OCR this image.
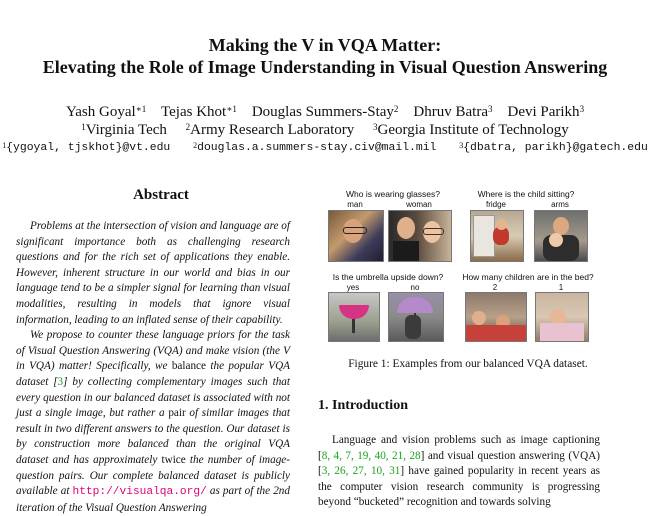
Making the V in VQA Matter:
Elevating the Role of Image Understanding in Visual Question Answering
Yash Goyal$^{∗1}$ Tejas Khot$^{∗1}$ Douglas Summers-Stay$^2$ Dhruv Batra$^3$ Devi Parikh$^3$
$^1$Virginia Tech $^2$Army Research Laboratory $^3$Georgia Institute of Technology
$^1${ygoyal, tjskhot}@vt.edu	$^2$douglas.a.summers-stay.civ@mail.mil	$^3${dbatra, parikh}@gatech.edu
Abstract

Problems at the intersection of vision and language are of significant importance both as challenging research questions and for the rich set of applications they enable. However, inherent structure in our world and bias in our language tend to be a simpler signal for learning than visual modalities, resulting in models that ignore visual information, leading to an inflated sense of their capability.

We propose to counter these language priors for the task of Visual Question Answering (VQA) and make vision (the V in VQA) matter! Specifically, we balance the popular VQA dataset [3] by collecting complementary images such that every question in our balanced dataset is associated with not just a single image, but rather a pair of similar images that result in two different answers to the question. Our dataset is by construction more balanced than the original VQA dataset and has approximately twice the number of image-question pairs. Our complete balanced dataset is publicly available at http://visualqa.org/ as part of the 2nd iteration of the Visual Question Answering

Who is wearing glasses?
man	woman
Where is the child sitting?
fridge	arms
Is the umbrella upside down?
yes	no
How many children are in the bed?
2	1
Figure 1: Examples from our balanced VQA dataset.
1. Introduction

Language and vision problems such as image captioning [8, 4, 7, 19, 40, 21, 28] and visual question answering (VQA) [3, 26, 27, 10, 31] have gained popularity in recent years as the computer vision research community is progressing beyond “bucketed” recognition and towards solving
